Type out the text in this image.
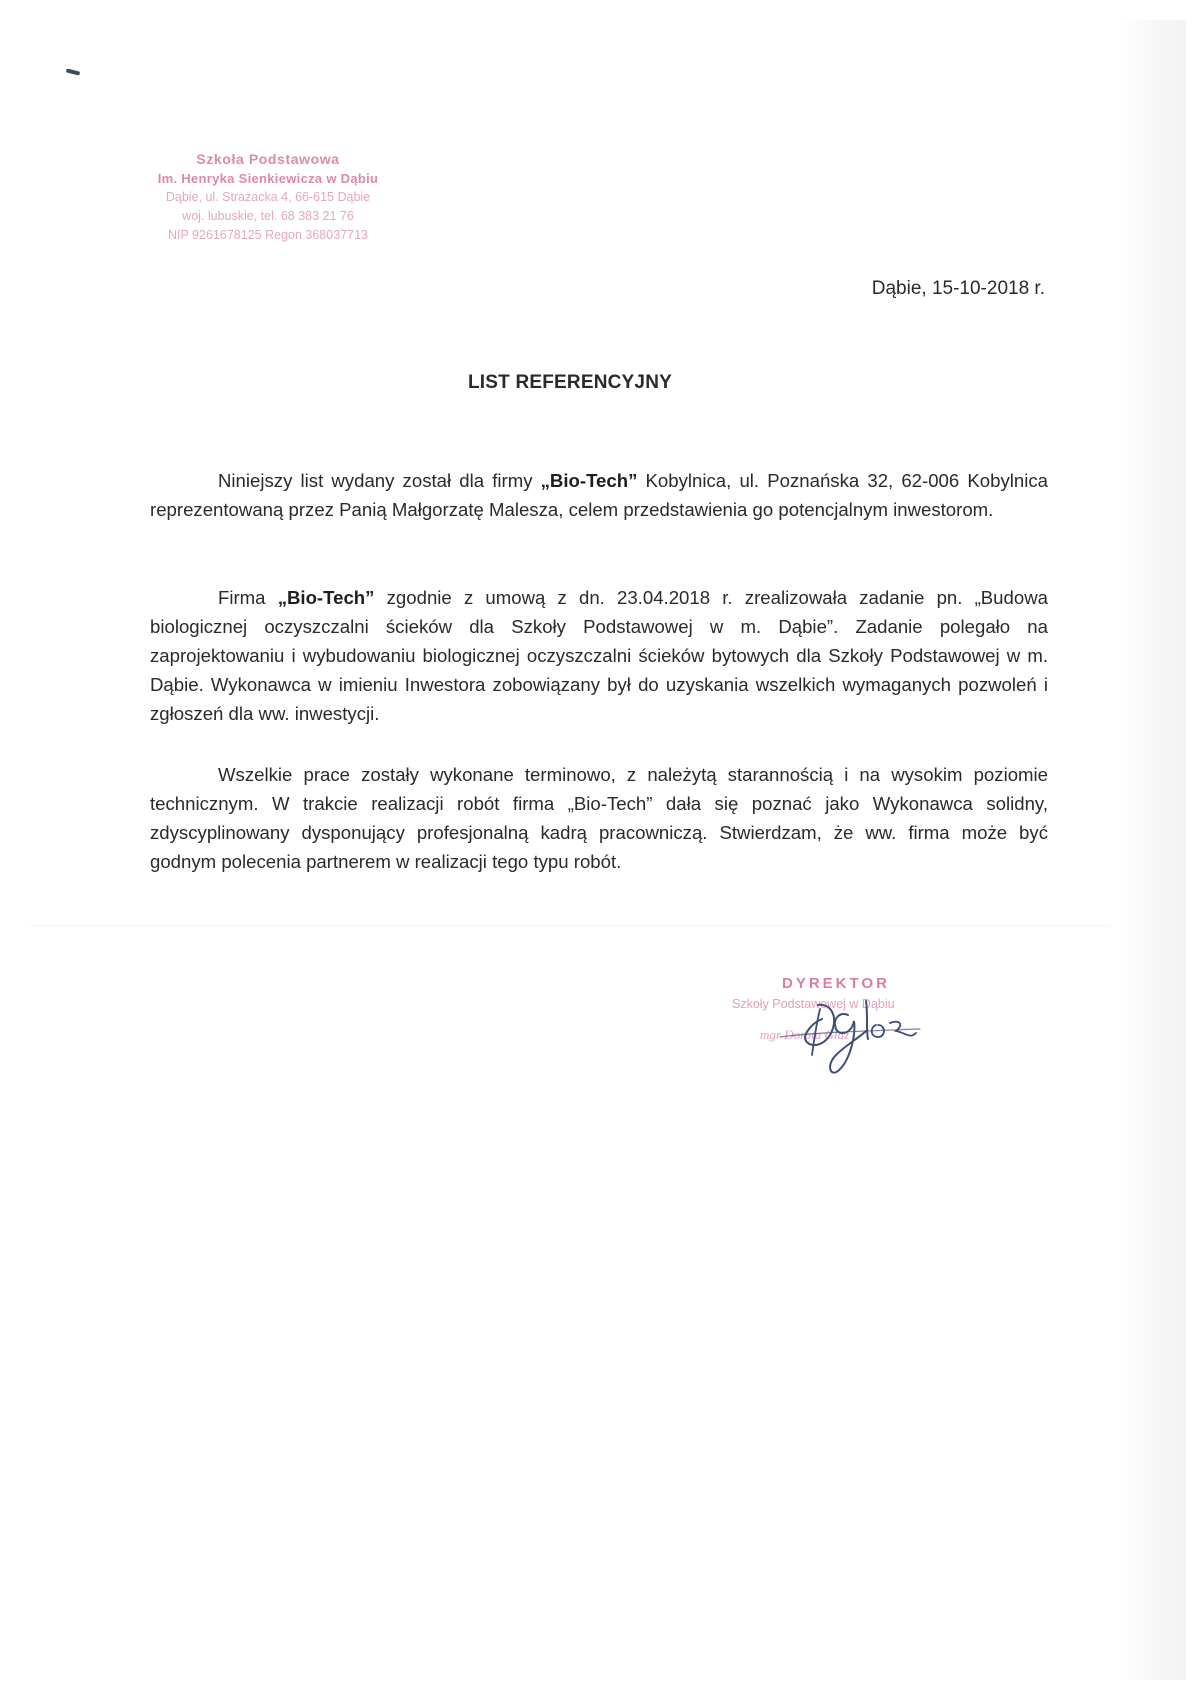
Szkoła Podstawowa
Im. Henryka Sienkiewicza w Dąbiu
Dąbie, ul. Strażacka 4, 66-615 Dąbie
woj. lubuskie, tel. 68 383 21 76
NIP 9261678125 Regon 368037713
Dąbie, 15-10-2018 r.
LIST REFERENCYJNY

Niniejszy list wydany został dla firmy „Bio-Tech” Kobylnica, ul. Poznańska 32, 62-006 Kobylnica reprezentowaną przez Panią Małgorzatę Malesza, celem przedstawienia go potencjalnym inwestorom.

Firma „Bio-Tech” zgodnie z umową z dn. 23.04.2018 r. zrealizowała zadanie pn. „Budowa biologicznej oczyszczalni ścieków dla Szkoły Podstawowej w m. Dąbie”. Zadanie polegało na zaprojektowaniu i wybudowaniu biologicznej oczyszczalni ścieków bytowych dla Szkoły Podstawowej w m. Dąbie. Wykonawca w imieniu Inwestora zobowiązany był do uzyskania wszelkich wymaganych pozwoleń i zgłoszeń dla ww. inwestycji.

Wszelkie prace zostały wykonane terminowo, z należytą starannością i na wysokim poziomie technicznym. W trakcie realizacji robót firma „Bio-Tech” dała się poznać jako Wykonawca solidny, zdyscyplinowany dysponujący profesjonalną kadrą pracowniczą. Stwierdzam, że ww. firma może być godnym polecenia partnerem w realizacji tego typu robót.

DYREKTOR
Szkoły Podstawowej w Dąbiu
mgr Dorota Głaz
